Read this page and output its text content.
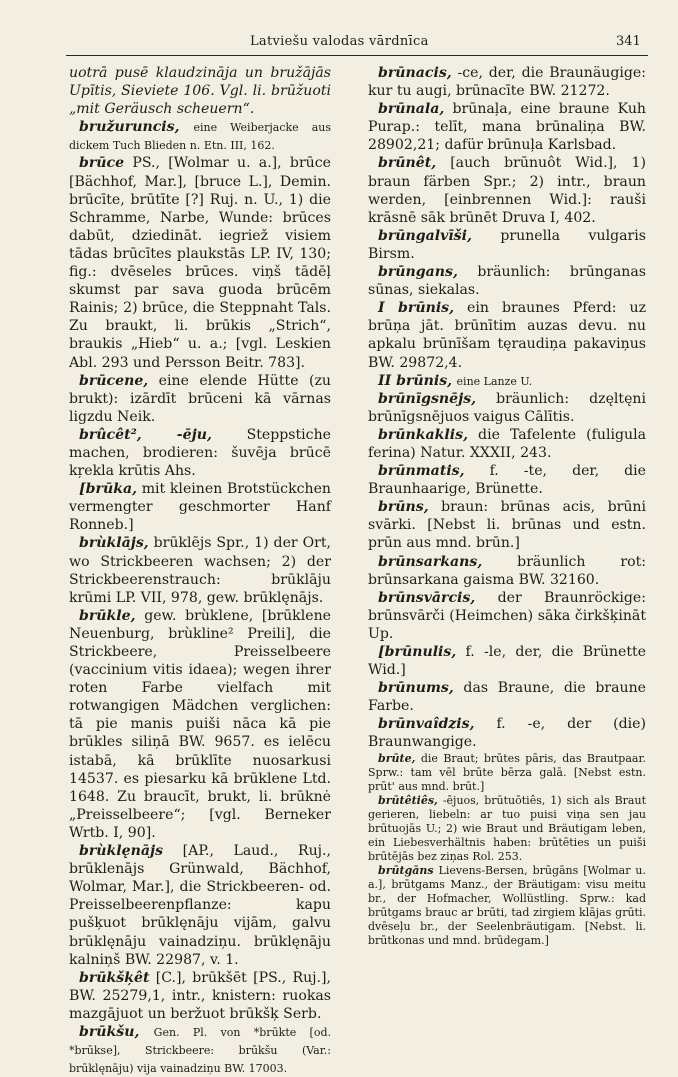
Latviešu valodas vārdnīca	341

uotrā pusē klaudzināja un bružājās Upītis, Sieviete 106. Vgl. li. brūžuoti „mit Geräusch scheuern“.

bružuruncis, eine Weiberjacke aus dickem Tuch Blieden n. Etn. III, 162.

brūce PS., [Wolmar u. a.], brūce [Bächhof, Mar.], [bruce L.], Demin. brūcīte, brūtīte [?] Ruj. n. U., 1) die Schramme, Narbe, Wunde: brūces dabūt, dziedināt. iegriež visiem tādas brūcītes plaukstās LP. IV, 130; fig.: dvēseles brūces. viņš tādēļ skumst par sava guoda brūcēm Rainis; 2) brūce, die Steppnaht Tals. Zu braukt, li. brūkis „Strich“, braukis „Hieb“ u. a.; [vgl. Leskien Abl. 293 und Persson Beitr. 783].

brūcene, eine elende Hütte (zu brukt): izārdīt brūceni kā vārnas ligzdu Neik.

brûcêt², -ēju, Steppstiche machen, brodieren: šuvēja brūcē kr̦ekla krūtis Ahs.

[brūka, mit kleinen Brotstückchen vermengter geschmorter Hanf Ronneb.]

brùklājs, brūklējs Spr., 1) der Ort, wo Strickbeeren wachsen; 2) der Strickbeerenstrauch: brūklāju krūmi LP. VII, 978, gew. brūklęnājs.

brūkle, gew. brùklene, [brūklene Neuenburg, brùkline² Preili], die Strickbeere, Preisselbeere (vaccinium vitis idaea); wegen ihrer roten Farbe vielfach mit rotwangigen Mädchen verglichen: tā pie manis puiši nāca kā pie brūkles siliņā BW. 9657. es ielēcu istabā, kā brūklīte nuosarkusi 14537. es piesarku kā brūklene Ltd. 1648. Zu braucīt, brukt, li. brūknė „Preisselbeere“; [vgl. Berneker Wrtb. I, 90].

brùklęnājs [AP., Laud., Ruj., brūklenājs Grünwald, Bächhof, Wolmar, Mar.], die Strickbeeren- od. Preisselbeerenpflanze: kapu pušķuot brūklęnāju vijām, galvu brūklęnāju vainadziņu. brūklęnāju kalniņš BW. 22987, v. 1.

brūkšķêt [C.], brūkšēt [PS., Ruj.], BW. 25279,1, intr., knistern: ruokas mazgājuot un beržuot brūkšķ Serb.

brūkšu, Gen. Pl. von *brūkte [od. *brūkse], Strickbeere: brūkšu (Var.: brūklęnāju) vija vainadziņu BW. 17003.

brūnacis, -ce, der, die Braunäugige: kur tu augi, brūnacīte BW. 21272.

brūnala, brūnaļa, eine braune Kuh Purap.: telīt, mana brūnaliņa BW. 28902,21; dafür brūnuļa Karlsbad.

brūnêt, [auch brūnuôt Wid.], 1) braun färben Spr.; 2) intr., braun werden, [einbrennen Wid.]: rauši krāsnē sāk brūnēt Druva I, 402.

brūngalvīši, prunella vulgaris Birsm.

brūngans, bräunlich: brūnganas sūnas, siekalas.

I brūnis, ein braunes Pferd: uz brūņa jāt. brūnītim auzas devu. nu apkalu brūnīšam tęraudiņa pakaviņus BW. 29872,4.

II brūnis, eine Lanze U.

brūnīgsnējs, bräunlich: dzęltęni brūnīgsnējuos vaigus Cālītis.

brūnkaklis, die Tafelente (fuligula ferina) Natur. XXXII, 243.

brūnmatis, f. -te, der, die Braunhaarige, Brünette.

brūns, braun: brūnas acis, brūni svārki. [Nebst li. brūnas und estn. prūn aus mnd. brūn.]

brūnsarkans, bräunlich rot: brūnsarkana gaisma BW. 32160.

brūnsvārcis, der Braunröckige: brūnsvārči (Heimchen) sāka čirkšķināt Up.

[brūnulis, f. -le, der, die Brünette Wid.]

brūnums, das Braune, die braune Farbe.

brūnvaîdzis, f. -e, der (die) Braunwangige.

brūte, die Braut; brūtes pāris, das Brautpaar. Sprw.: tam vēl brūte bērza galā. [Nebst estn. prūt' aus mnd. brūt.]

brūtêtiês, -ējuos, brūtuōtiês, 1) sich als Braut gerieren, liebeln: ar tuo puisi viņa sen jau brūtuojās U.; 2) wie Braut und Bräutigam leben, ein Liebesverhältnis haben: brūtēties un puiši brūtējās bez ziņas Rol. 253.

brūtgāns Lievens-Bersen, brūgāns [Wolmar u. a.], brūtgams Manz., der Bräutigam: visu meitu br., der Hofmacher, Wollüstling. Sprw.: kad brūtgams brauc ar brūti, tad zirgiem klājas grūti. dvēseļu br., der Seelenbräutigam. [Nebst. li. brūtkonas und mnd. brūdegam.]
